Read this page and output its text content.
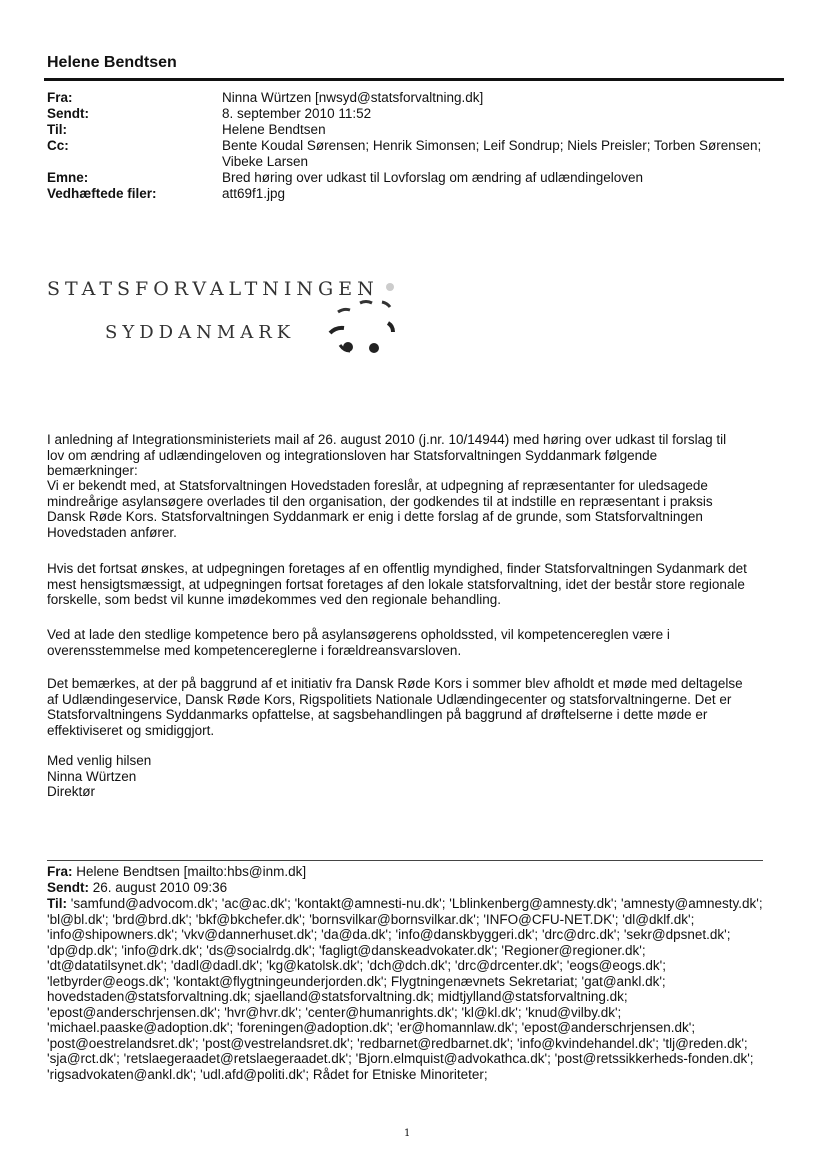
Helene Bendtsen
Fra:	Ninna Würtzen [nwsyd@statsforvaltning.dk]
Sendt:	8. september 2010 11:52
Til:	Helene Bendtsen
Cc:	Bente Koudal Sørensen; Henrik Simonsen; Leif Sondrup; Niels Preisler; Torben Sørensen; Vibeke Larsen
Emne:	Bred høring over udkast til Lovforslag om ændring af udlændingeloven
Vedhæftede filer:	att69f1.jpg
STATSFORVALTNINGEN
SYDDANMARK
I anledning af Integrationsministeriets mail af 26. august 2010 (j.nr. 10/14944) med høring over udkast til forslag til lov om ændring af udlændingeloven og integrationsloven har Statsforvaltningen Syddanmark følgende bemærkninger:
Vi er bekendt med, at Statsforvaltningen Hovedstaden foreslår, at udpegning af repræsentanter for uledsagede mindreårige asylansøgere overlades til den organisation, der godkendes til at indstille en repræsentant i praksis Dansk Røde Kors. Statsforvaltningen Syddanmark er enig i dette forslag af de grunde, som Statsforvaltningen Hovedstaden anfører.
Hvis det fortsat ønskes, at udpegningen foretages af en offentlig myndighed, finder Statsforvaltningen Sydanmark det mest hensigtsmæssigt, at udpegningen fortsat foretages af den lokale statsforvaltning, idet der består store regionale forskelle, som bedst vil kunne imødekommes ved den regionale behandling.
Ved at lade den stedlige kompetence bero på asylansøgerens opholdssted, vil kompetencereglen være i overensstemmelse med kompetencereglerne i forældreansvarsloven.
Det bemærkes, at der på baggrund af et initiativ fra Dansk Røde Kors i sommer blev afholdt et møde med deltagelse af Udlændingeservice, Dansk Røde Kors, Rigspolitiets Nationale Udlændingecenter og statsforvaltningerne. Det er Statsforvaltningens Syddanmarks opfattelse, at sagsbehandlingen på baggrund af drøftelserne i dette møde er effektiviseret og smidiggjort.
Med venlig hilsen
Ninna Würtzen
Direktør
Fra: Helene Bendtsen [mailto:hbs@inm.dk]
Sendt: 26. august 2010 09:36
Til: 'samfund@advocom.dk'; 'ac@ac.dk'; 'kontakt@amnesti-nu.dk'; 'Lblinkenberg@amnesty.dk'; 'amnesty@amnesty.dk'; 'bl@bl.dk'; 'brd@brd.dk'; 'bkf@bkchefer.dk'; 'bornsvilkar@bornsvilkar.dk'; 'INFO@CFU-NET.DK'; 'dl@dklf.dk'; 'info@shipowners.dk'; 'vkv@dannerhuset.dk'; 'da@da.dk'; 'info@danskbyggeri.dk'; 'drc@drc.dk'; 'sekr@dpsnet.dk'; 'dp@dp.dk'; 'info@drk.dk'; 'ds@socialrdg.dk'; 'fagligt@danskeadvokater.dk'; 'Regioner@regioner.dk'; 'dt@datatilsynet.dk'; 'dadl@dadl.dk'; 'kg@katolsk.dk'; 'dch@dch.dk'; 'drc@drcenter.dk'; 'eogs@eogs.dk'; 'letbyrder@eogs.dk'; 'kontakt@flygtningeunderjorden.dk'; Flygtningenævnets Sekretariat; 'gat@ankl.dk'; hovedstaden@statsforvaltning.dk; sjaelland@statsforvaltning.dk; midtjylland@statsforvaltning.dk; 'epost@anderschrjensen.dk'; 'hvr@hvr.dk'; 'center@humanrights.dk'; 'kl@kl.dk'; 'knud@vilby.dk'; 'michael.paaske@adoption.dk'; 'foreningen@adoption.dk'; 'er@homannlaw.dk'; 'epost@anderschrjensen.dk'; 'post@oestrelandsret.dk'; 'post@vestrelandsret.dk'; 'redbarnet@redbarnet.dk'; 'info@kvindehandel.dk'; 'tlj@reden.dk'; 'sja@rct.dk'; 'retslaegeraadet@retslaegeraadet.dk'; 'Bjorn.elmquist@advokathca.dk'; 'post@retssikkerheds-fonden.dk'; 'rigsadvokaten@ankl.dk'; 'udl.afd@politi.dk'; Rådet for Etniske Minoriteter;
1
